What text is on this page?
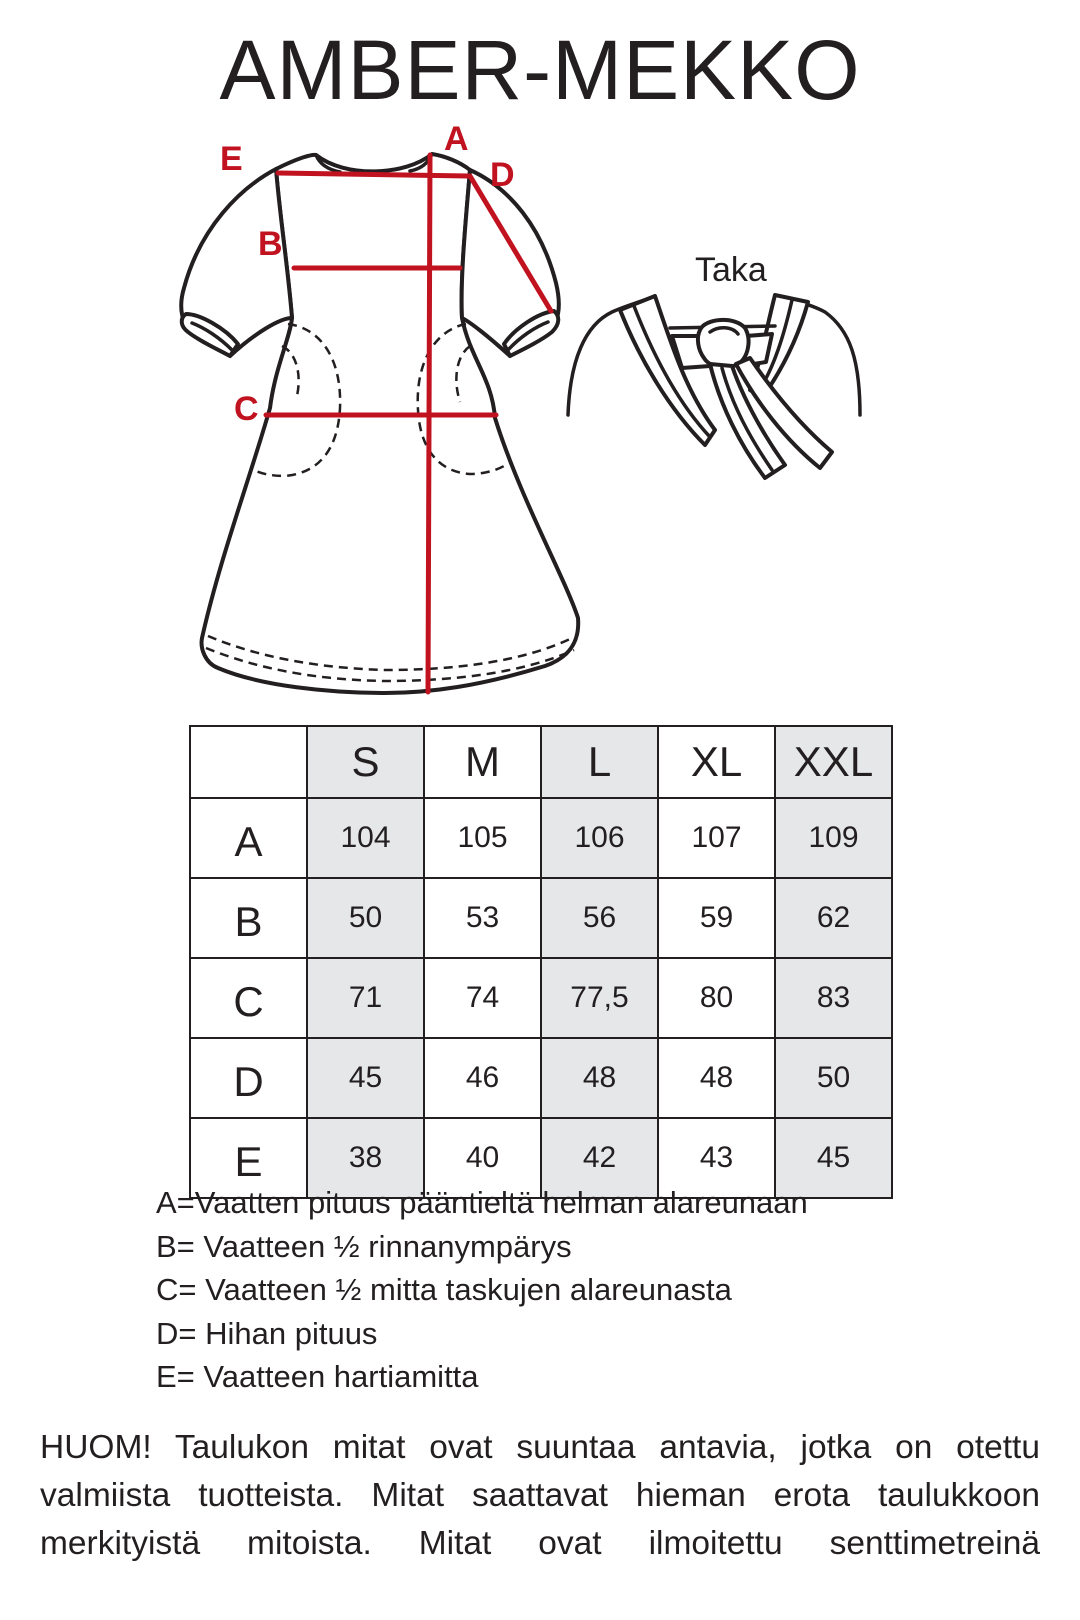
AMBER-MEKKO
E
A
D
B
C
Taka
	S	M	L	XL	XXL
A	104	105	106	107	109
B	50	53	56	59	62
C	71	74	77,5	80	83
D	45	46	48	48	50
E	38	40	42	43	45
A=Vaatten pituus pääntieltä helman alareunaan
B= Vaatteen ½ rinnanympärys
C= Vaatteen ½ mitta taskujen alareunasta
D= Hihan pituus
E= Vaatteen hartiamitta

HUOM! Taulukon mitat ovat suuntaa antavia, jotka on otettu valmiista tuotteista. Mitat saattavat hieman erota taulukkoon merkityistä mitoista. Mitat ovat ilmoitettu senttimetreinä
